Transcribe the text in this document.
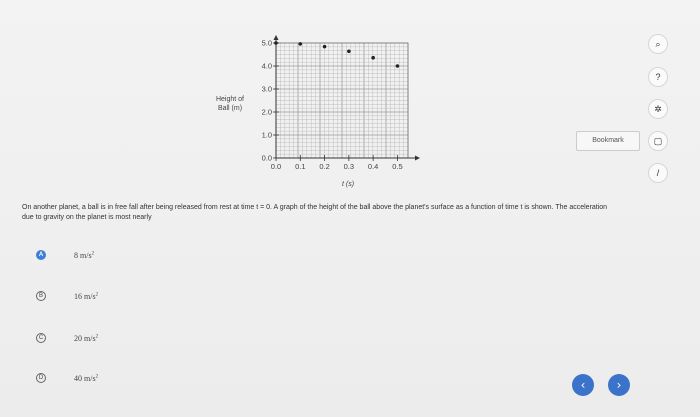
5.0
4.0
3.0
2.0
1.0
0.0
0.0 0.1 0.2 0.3 0.4 0.5
Height of
Ball (m)
t (s)
Bookmark
⌕
?
✲
▢
/
On another planet, a ball is in free fall after being released from rest at time t = 0. A graph of the height of the ball above the planet's surface as a function of time t is shown. The acceleration due to gravity on the planet is most nearly
A	8 $m/s^2$
B	16 $m/s^2$
C	20 $m/s^2$
D	40 $m/s^2$
‹	›
